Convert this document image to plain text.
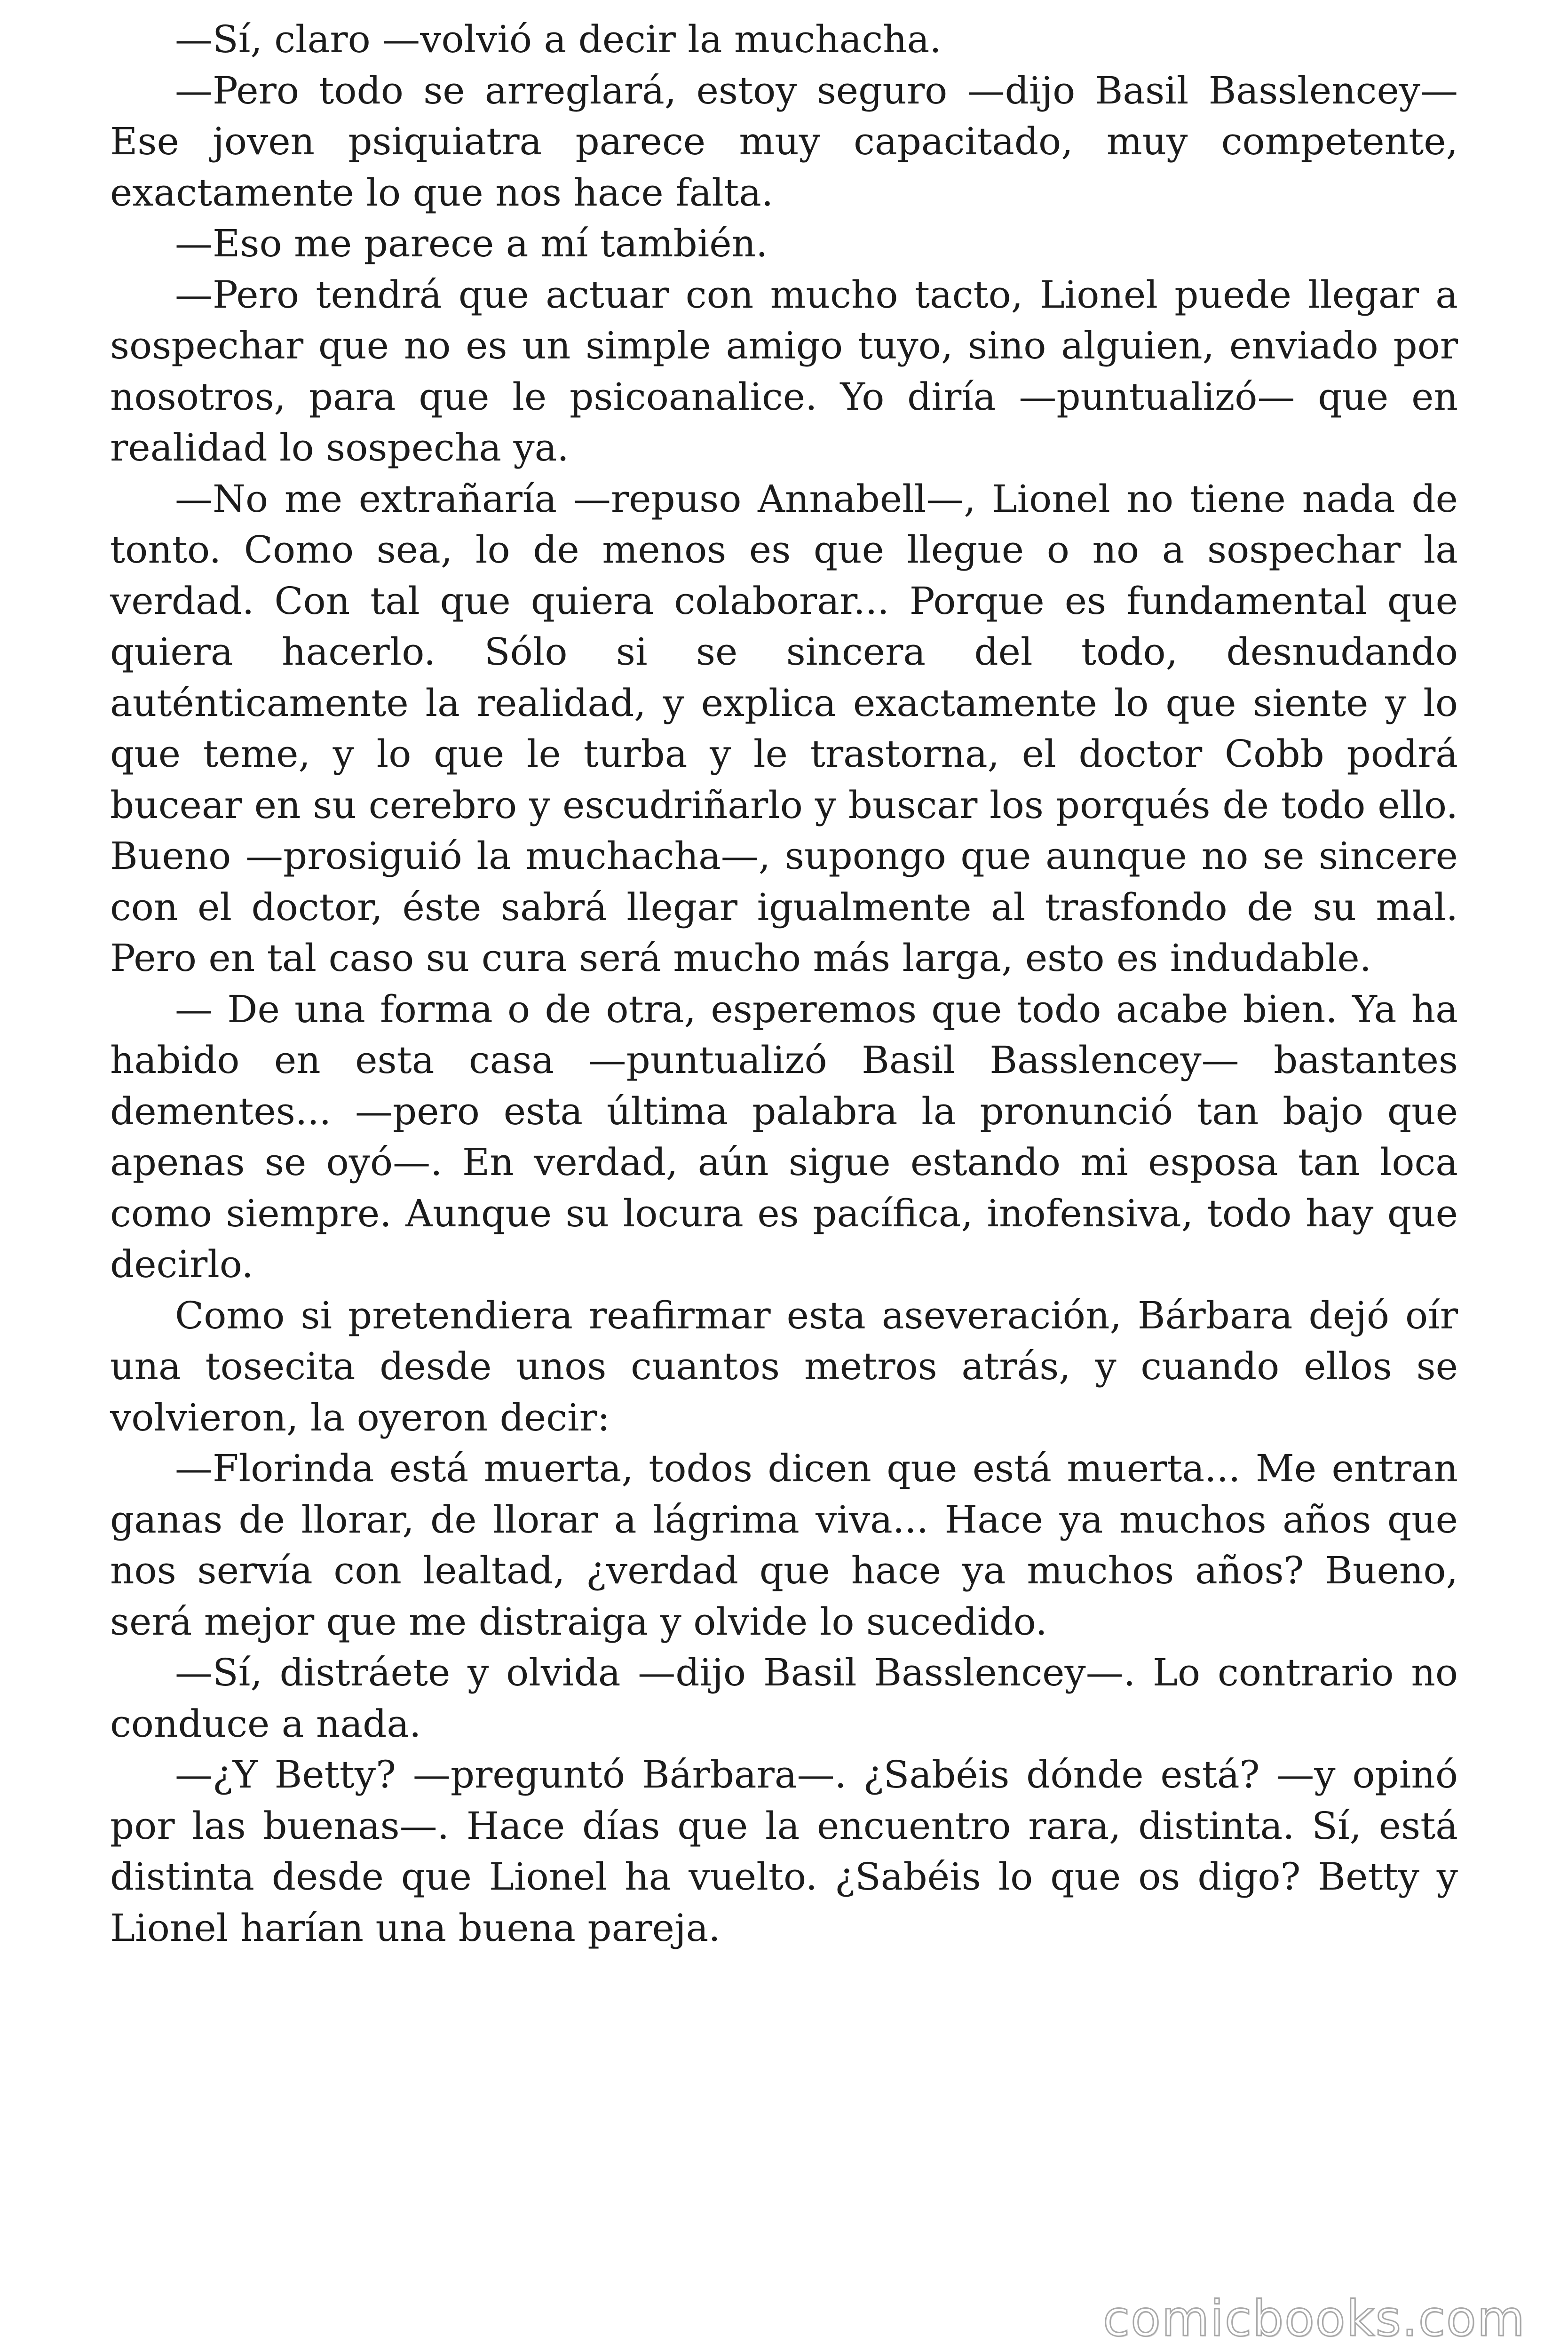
—Sí, claro —volvió a decir la muchacha.

—Pero todo se arreglará, estoy seguro —dijo Basil Basslencey— Ese joven psiquiatra parece muy capacitado, muy competente, exactamente lo que nos hace falta.

—Eso me parece a mí también.

—Pero tendrá que actuar con mucho tacto, Lionel puede llegar a sospechar que no es un simple amigo tuyo, sino alguien, enviado por nosotros, para que le psicoanalice. Yo diría —puntualizó— que en realidad lo sospecha ya.

—No me extrañaría —repuso Annabell—, Lionel no tiene nada de tonto. Como sea, lo de menos es que llegue o no a sospechar la verdad. Con tal que quiera colaborar... Porque es fundamental que quiera hacerlo. Sólo si se sincera del todo, desnudando auténticamente la realidad, y explica exactamente lo que siente y lo que teme, y lo que le turba y le trastorna, el doctor Cobb podrá bucear en su cerebro y escudriñarlo y buscar los porqués de todo ello. Bueno —prosiguió la muchacha—, supongo que aunque no se sincere con el doctor, éste sabrá llegar igualmente al trasfondo de su mal. Pero en tal caso su cura será mucho más larga, esto es indudable.

— De una forma o de otra, esperemos que todo acabe bien. Ya ha habido en esta casa —puntualizó Basil Basslencey— bastantes dementes... —pero esta última palabra la pronunció tan bajo que apenas se oyó—. En verdad, aún sigue estando mi esposa tan loca como siempre. Aunque su locura es pacífica, inofensiva, todo hay que decirlo.

Como si pretendiera reafirmar esta aseveración, Bárbara dejó oír una tosecita desde unos cuantos metros atrás, y cuando ellos se volvieron, la oyeron decir:

—Florinda está muerta, todos dicen que está muerta... Me entran ganas de llorar, de llorar a lágrima viva... Hace ya muchos años que nos servía con lealtad, ¿verdad que hace ya muchos años? Bueno, será mejor que me distraiga y olvide lo sucedido.

—Sí, distráete y olvida —dijo Basil Basslencey—. Lo contrario no conduce a nada.

—¿Y Betty? —preguntó Bárbara—. ¿Sabéis dónde está? —y opinó por las buenas—. Hace días que la encuentro rara, distinta. Sí, está distinta desde que Lionel ha vuelto. ¿Sabéis lo que os digo? Betty y Lionel harían una buena pareja.

comicbooks.com
